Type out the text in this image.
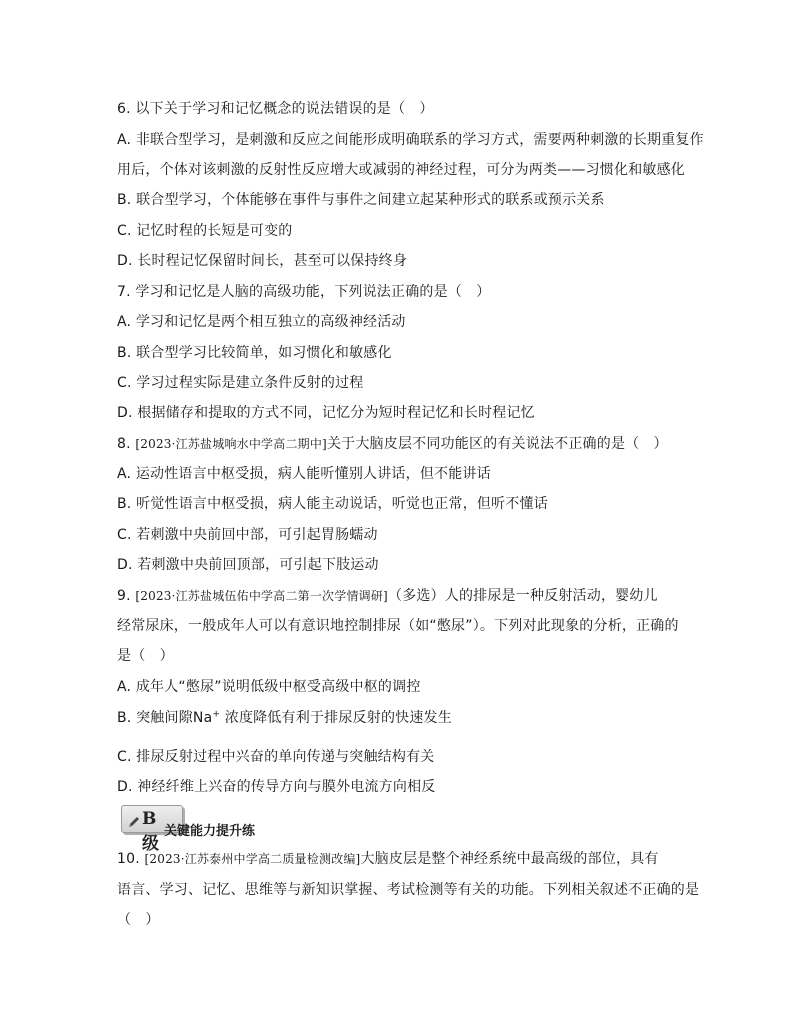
6. 以下关于学习和记忆概念的说法错误的是（　）
A. 非联合型学习，是刺激和反应之间能形成明确联系的学习方式，需要两种刺激的长期重复作
用后，个体对该刺激的反射性反应增大或减弱的神经过程，可分为两类——习惯化和敏感化
B. 联合型学习，个体能够在事件与事件之间建立起某种形式的联系或预示关系
C. 记忆时程的长短是可变的
D. 长时程记忆保留时间长，甚至可以保持终身
7. 学习和记忆是人脑的高级功能，下列说法正确的是（　）
A. 学习和记忆是两个相互独立的高级神经活动
B. 联合型学习比较简单，如习惯化和敏感化
C. 学习过程实际是建立条件反射的过程
D. 根据储存和提取的方式不同，记忆分为短时程记忆和长时程记忆
8. [2023·江苏盐城响水中学高二期中]关于大脑皮层不同功能区的有关说法不正确的是（　）
A. 运动性语言中枢受损，病人能听懂别人讲话，但不能讲话
B. 听觉性语言中枢受损，病人能主动说话，听觉也正常，但听不懂话
C. 若刺激中央前回中部，可引起胃肠蠕动
D. 若刺激中央前回顶部，可引起下肢运动
9. [2023·江苏盐城伍佑中学高二第一次学情调研]（多选）人的排尿是一种反射活动，婴幼儿
经常尿床，一般成年人可以有意识地控制排尿（如“憋尿”）。下列对此现象的分析，正确的
是（　）
A. 成年人“憋尿”说明低级中枢受高级中枢的调控
B. 突触间隙Na+ 浓度降低有利于排尿反射的快速发生
C. 排尿反射过程中兴奋的单向传递与突触结构有关
D. 神经纤维上兴奋的传导方向与膜外电流方向相反
B 级
关键能力提升练
10. [2023·江苏泰州中学高二质量检测改编]大脑皮层是整个神经系统中最高级的部位，具有
语言、学习、记忆、思维等与新知识掌握、考试检测等有关的功能。下列相关叙述不正确的是
（　）
